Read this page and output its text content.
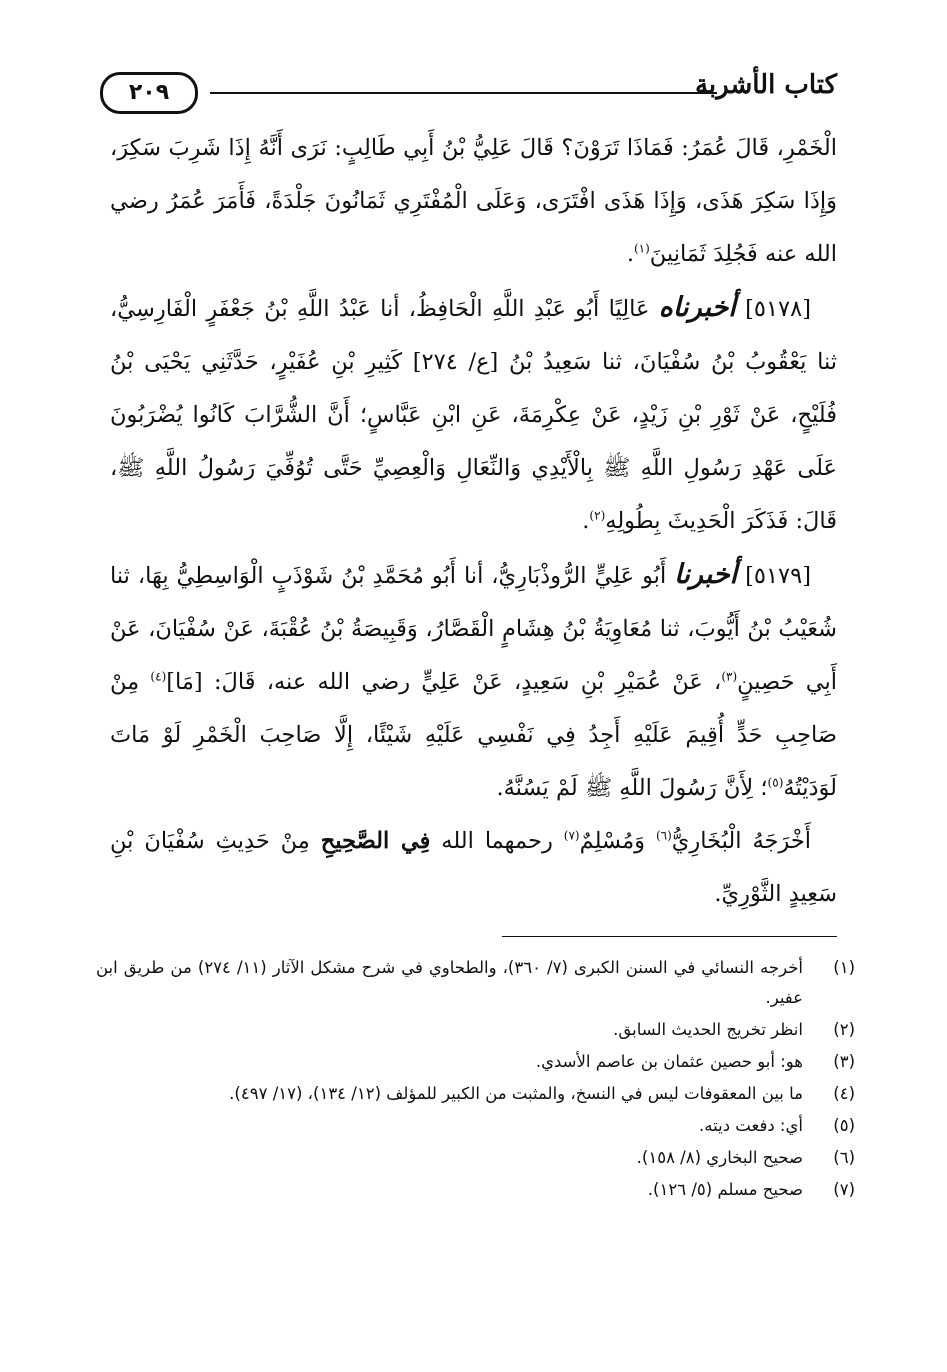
كتاب الأشربة
٢٠٩

الْخَمْرِ، قَالَ عُمَرُ: فَمَاذَا تَرَوْنَ؟ قَالَ عَلِيُّ بْنُ أَبِي طَالِبٍ: نَرَى أَنَّهُ إِذَا شَرِبَ سَكِرَ، وَإِذَا سَكِرَ هَذَى، وَإِذَا هَذَى افْتَرَى، وَعَلَى الْمُفْتَرِي ثَمَانُونَ جَلْدَةً، فَأَمَرَ عُمَرُ رضي الله عنه فَجُلِدَ ثَمَانِينَ$^{(١)}$.

[٥١٧٨] أخبرناه عَالِيًا أَبُو عَبْدِ اللَّهِ الْحَافِظُ، أنا عَبْدُ اللَّهِ بْنُ جَعْفَرٍ الْفَارِسِيُّ، ثنا يَعْقُوبُ بْنُ سُفْيَانَ، ثنا سَعِيدُ بْنُ [ع/ ٢٧٤] كَثِيرِ بْنِ عُفَيْرٍ، حَدَّثَنِي يَحْيَى بْنُ فُلَيْحٍ، عَنْ ثَوْرِ بْنِ زَيْدٍ، عَنْ عِكْرِمَةَ، عَنِ ابْنِ عَبَّاسٍ؛ أَنَّ الشُّرَّابَ كَانُوا يُضْرَبُونَ عَلَى عَهْدِ رَسُولِ اللَّهِ ﷺ بِالْأَيْدِي وَالنِّعَالِ وَالْعِصِيِّ حَتَّى تُوُفِّيَ رَسُولُ اللَّهِ ﷺ، قَالَ: فَذَكَرَ الْحَدِيثَ بِطُولِهِ$^{(٢)}$.

[٥١٧٩] أخبرنا أَبُو عَلِيٍّ الرُّوذْبَارِيُّ، أنا أَبُو مُحَمَّدِ بْنُ شَوْذَبٍ الْوَاسِطِيُّ بِهَا، ثنا شُعَيْبُ بْنُ أَيُّوبَ، ثنا مُعَاوِيَةُ بْنُ هِشَامٍ الْقَصَّارُ، وَقَبِيصَةُ بْنُ عُقْبَةَ، عَنْ سُفْيَانَ، عَنْ أَبِي حَصِينٍ$^{(٣)}$، عَنْ عُمَيْرِ بْنِ سَعِيدٍ، عَنْ عَلِيٍّ رضي الله عنه، قَالَ: [مَا]$^{(٤)}$ مِنْ صَاحِبِ حَدٍّ أُقِيمَ عَلَيْهِ أَجِدُ فِي نَفْسِي عَلَيْهِ شَيْئًا، إِلَّا صَاحِبَ الْخَمْرِ لَوْ مَاتَ لَوَدَيْتُهُ$^{(٥)}$؛ لِأَنَّ رَسُولَ اللَّهِ ﷺ لَمْ يَسُنَّهُ.

أَخْرَجَهُ الْبُخَارِيُّ$^{(٦)}$ وَمُسْلِمٌ$^{(٧)}$ رحمهما الله فِي الصَّحِيحِ مِنْ حَدِيثِ سُفْيَانَ بْنِ سَعِيدٍ الثَّوْرِيِّ.

(١)
أخرجه النسائي في السنن الكبرى (٧/ ٣٦٠)، والطحاوي في شرح مشكل الآثار (١١/ ٢٧٤) من طريق ابن عفير.
(٢)
انظر تخريج الحديث السابق.
(٣)
هو: أبو حصين عثمان بن عاصم الأسدي.
(٤)
ما بين المعقوفات ليس في النسخ، والمثبت من الكبير للمؤلف (١٢/ ١٣٤)، (١٧/ ٤٩٧).
(٥)
أي: دفعت ديته.
(٦)
صحيح البخاري (٨/ ١٥٨).
(٧)
صحيح مسلم (٥/ ١٢٦).
